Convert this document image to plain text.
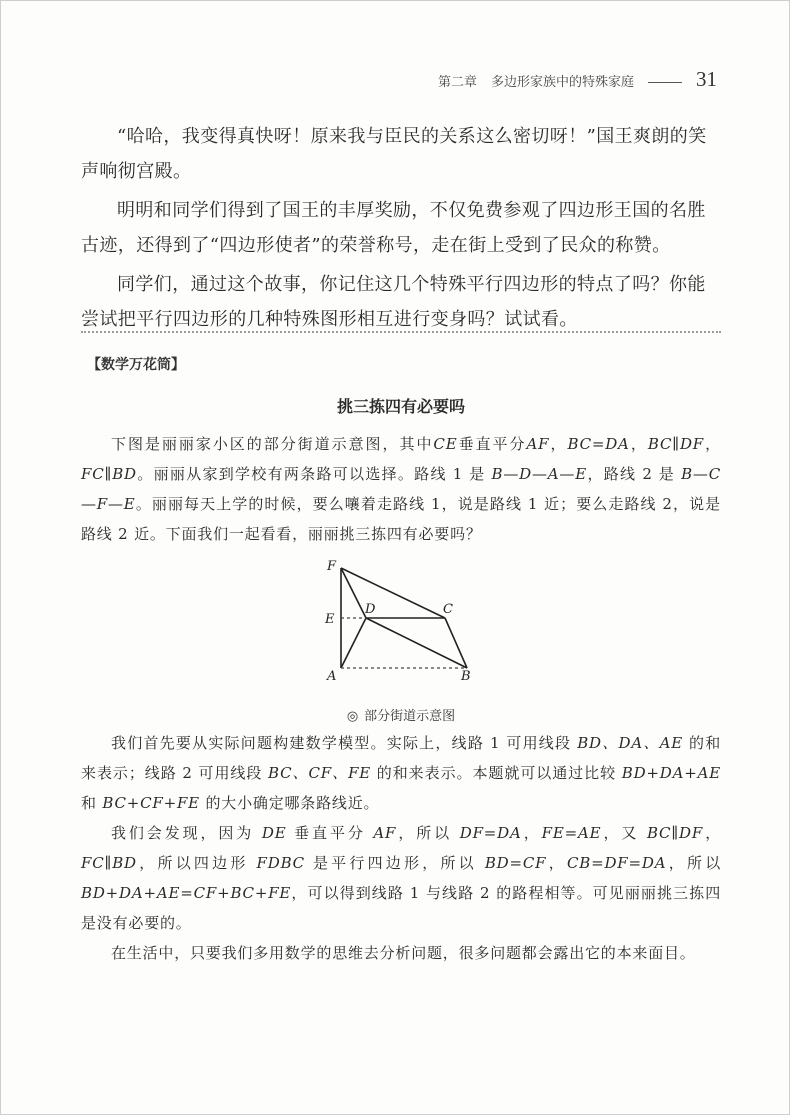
第二章 多边形家族中的特殊家庭	31

“哈哈，我变得真快呀！原来我与臣民的关系这么密切呀！”国王爽朗的笑声响彻宫殿。

明明和同学们得到了国王的丰厚奖励，不仅免费参观了四边形王国的名胜古迹，还得到了“四边形使者”的荣誉称号，走在街上受到了民众的称赞。

同学们，通过这个故事，你记住这几个特殊平行四边形的特点了吗？你能尝试把平行四边形的几种特殊图形相互进行变身吗？试试看。

【数学万花筒】
挑三拣四有必要吗

下图是丽丽家小区的部分街道示意图，其中CE垂直平分AF，BC=DA，BC∥DF，FC∥BD。丽丽从家到学校有两条路可以选择。路线 1 是 B—D—A—E，路线 2 是 B—C—F—E。丽丽每天上学的时候，要么嚷着走路线 1，说是路线 1 近；要么走路线 2，说是路线 2 近。下面我们一起看看，丽丽挑三拣四有必要吗？

F
E
D	C
A	B
◎ 部分街道示意图

我们首先要从实际问题构建数学模型。实际上，线路 1 可用线段 BD、DA、AE 的和来表示；线路 2 可用线段 BC、CF、FE 的和来表示。本题就可以通过比较 BD+DA+AE 和 BC+CF+FE 的大小确定哪条路线近。

我们会发现，因为 DE 垂直平分 AF，所以 DF=DA，FE=AE，又 BC∥DF，FC∥BD，所以四边形 FDBC 是平行四边形，所以 BD=CF，CB=DF=DA，所以 BD+DA+AE=CF+BC+FE，可以得到线路 1 与线路 2 的路程相等。可见丽丽挑三拣四是没有必要的。

在生活中，只要我们多用数学的思维去分析问题，很多问题都会露出它的本来面目。
